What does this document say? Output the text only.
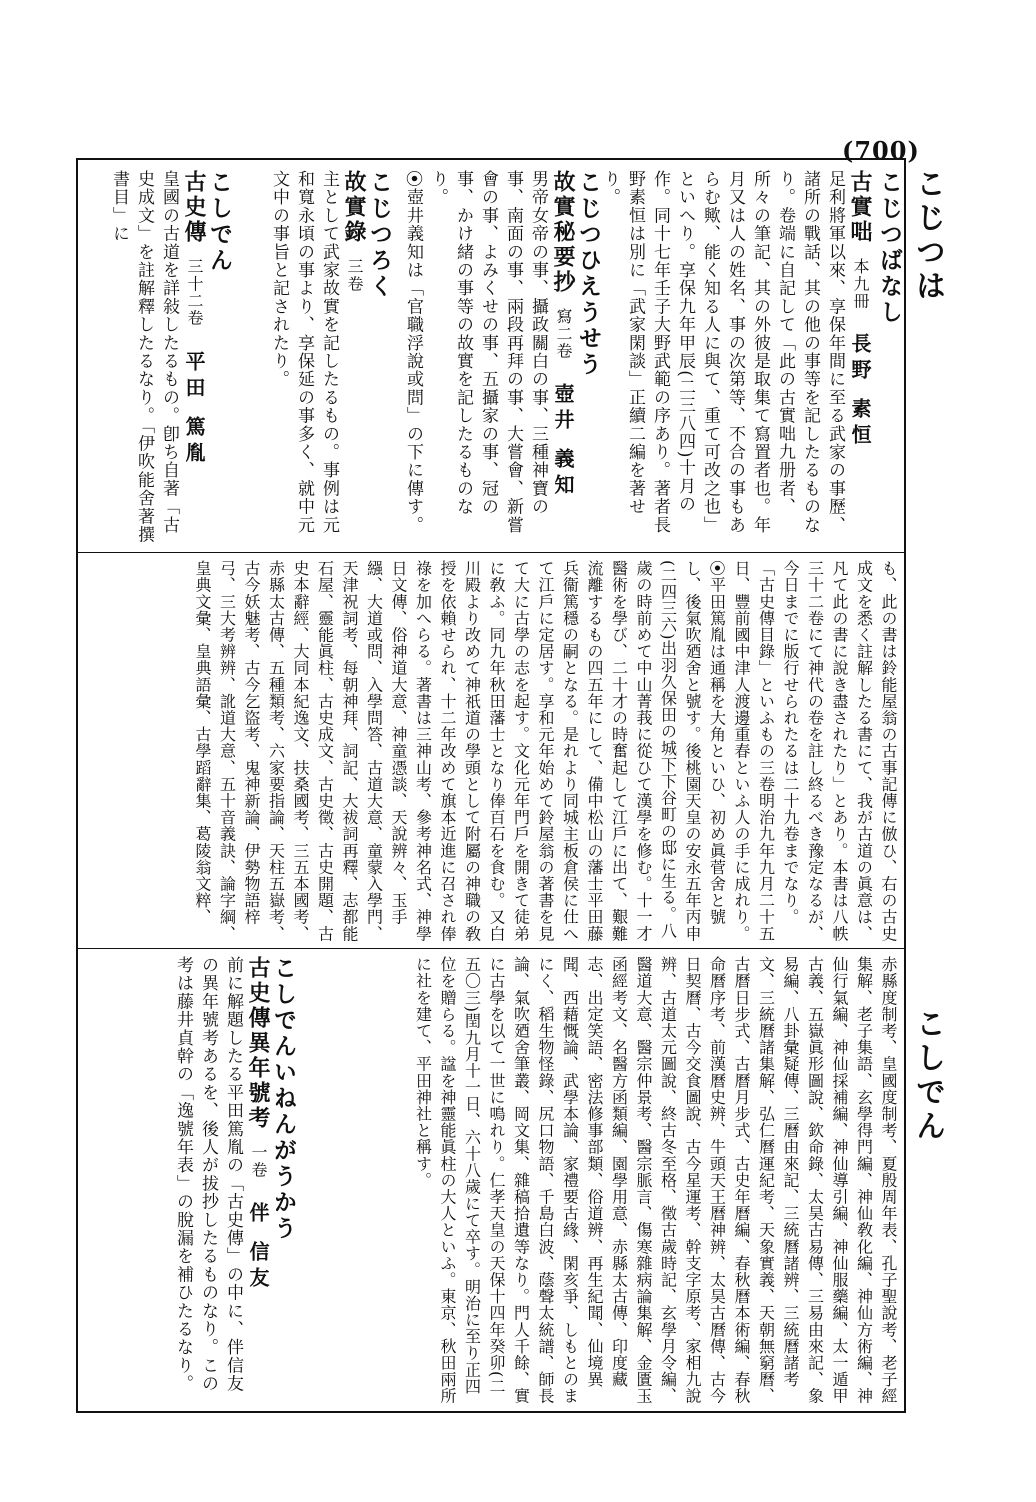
(700)
こじつは
こしでん
こじつばなし
古實咄本九冊長野 素恒
足利將軍以來、享保年間に至る武家の事歷、諸所の戰話、其の他の事等を記したるものなり。卷端に自記して「此の古實咄九册者、所々の筆記、其の外彼是取集て寫置者也。年月又は人の姓名、事の次第等、不合の事もあらむ歟、能く知る人に與て、重て可改之也」といへり。享保九年甲辰(二三八四)十月の作。同十七年壬子大野武範の序あり。著者長野素恒は別に「武家閑談」正續二編を著せり。
こじつひえうせう
故實秘要抄寫二卷壺井 義知
男帝女帝の事、攝政關白の事、三種神寶の事、南面の事、兩段再拜の事、大嘗會、新嘗會の事、よみくせの事、五攝家の事、冠の事、かけ緒の事等の故實を記したるものなり。
⦿壺井義知は「官職浮說或問」の下に傳す。
こじつろく
故實錄三卷
主として武家故實を記したるもの。事例は元和寬永頃の事より、享保延の事多く、就中元文中の事旨と記されたり。
こしでん
古史傳三十二卷平田 篤胤
皇國の古道を詳敍したるもの。卽ち自著「古史成文」を註解釋したるなり。「伊吹能舍著撰書目」に
も、此の書は鈴能屋翁の古事記傳に倣ひ、右の古史成文を悉く註解したる書にて、我が古道の眞意は、凡て此の書に說き盡されたり」とあり。本書は八帙三十二卷にて神代の卷を註し終るべき豫定なるが、今日までに版行せられたるは二十九卷までなり。「古史傳目錄」といふもの三卷明治九年九月二十五日、豐前國中津人渡邊重春といふ人の手に成れり。
⦿平田篤胤は通稱を大角といひ、初め眞菅舍と號し、後氣吹廼舍と號す。後桃園天皇の安永五年丙申(二四三六)出羽久保田の城下下谷町の邸に生る。八歲の時前めて中山菁莪に從ひて漢學を修む。十一才醫術を學び、二十才の時奮起して江戶に出て、艱難流離するもの四五年にして、備中松山の藩士平田藤兵衞篤穩の嗣となる。是れより同城主板倉侯に仕へて江戶に定居す。享和元年始めて鈴屋翁の著書を見て大に古學の志を起す。文化元年門戶を開きて徒弟に敎ふ。同九年秋田藩士となり俸百石を食む。又白川殿より改めて神祇道の學頭として附屬の神職の敎授を依賴せられ、十二年改めて旗本近進に召され俸祿を加へらる。著書は三神山考、參考神名式、神學日文傳、俗神道大意、神童憑談、天說辨々、玉手繦、大道或問、入學問答、古道大意、童蒙入學門、天津祝詞考、每朝神拜、詞記、大祓詞再釋、志都能石屋、靈能眞柱、古史成文、古史徵、古史開題、古史本辭經、大同本紀逸文、扶桑國考、三五本國考、赤縣太古傳、五種類考、六家要指論、天柱五嶽考、古今妖魅考、古今乞盜考、鬼神新論、伊勢物語梓弓、三大考辨辨、訛道大意、五十音義訣、論字綱、皇典文彙、皇典語彙、古學蹈辭集、葛陵翁文粹、
赤縣度制考、皇國度制考、夏殷周年表、孔子聖說考、老子經集解、老子集語、玄學得門編、神仙敎化編、神仙方術編、神仙行氣編、神仙採補編、神仙導引編、神仙服藥編、太一遁甲古義、五嶽眞形圖說、欽命錄、太昊古易傳、三易由來記、象易編、八卦彙疑傳、三曆由來記、三統曆諸辨、三統曆諸考文、三統曆諸集解、弘仁曆運紀考、天象實義、天朝無窮曆、古曆日步式、古曆月步式、古史年曆編、春秋曆本術編、春秋命曆序考、前漢曆史辨、牛頭天王曆神辨、太昊古曆傳、古今日契曆、古今交食圖說、古今星運考、幹支字原考、家相九說辨、古道太元圖說、終古冬至格、徵古歲時記、玄學月令編、醫道大意、醫宗仲景考、醫宗脈言、傷寒雜病論集解、金匱玉函經考文、名醫方函類編、園學用意、赤縣太古傳、印度藏志、出定笑語、密法修事部類、俗道辨、再生紀聞、仙境異聞、西藉慨論、武學本論、家禮要古緣、閑亥爭、しもとのまにく、稻生物怪錄、尻口物語、千島白波、蔭聲太統譜、師長論、氣吹廼舍筆叢、岡文集、雜稿拾遺等なり。門人千餘、實に古學を以て一世に鳴れり。仁孝天皇の天保十四年癸卯(二五〇三)閏九月十一日、六十八歲にて卒す。明治に至り正四位を贈らる。諡を神靈能眞柱の大人といふ。東京、秋田兩所に社を建て、平田神社と稱す。
こしでんいねんがうかう
古史傳異年號考一卷伴 信友
前に解題したる平田篤胤の「古史傳」の中に、伴信友の異年號考あるを、後人が拔抄したるものなり。この考は藤井貞幹の「逸號年表」の脫漏を補ひたるなり。
